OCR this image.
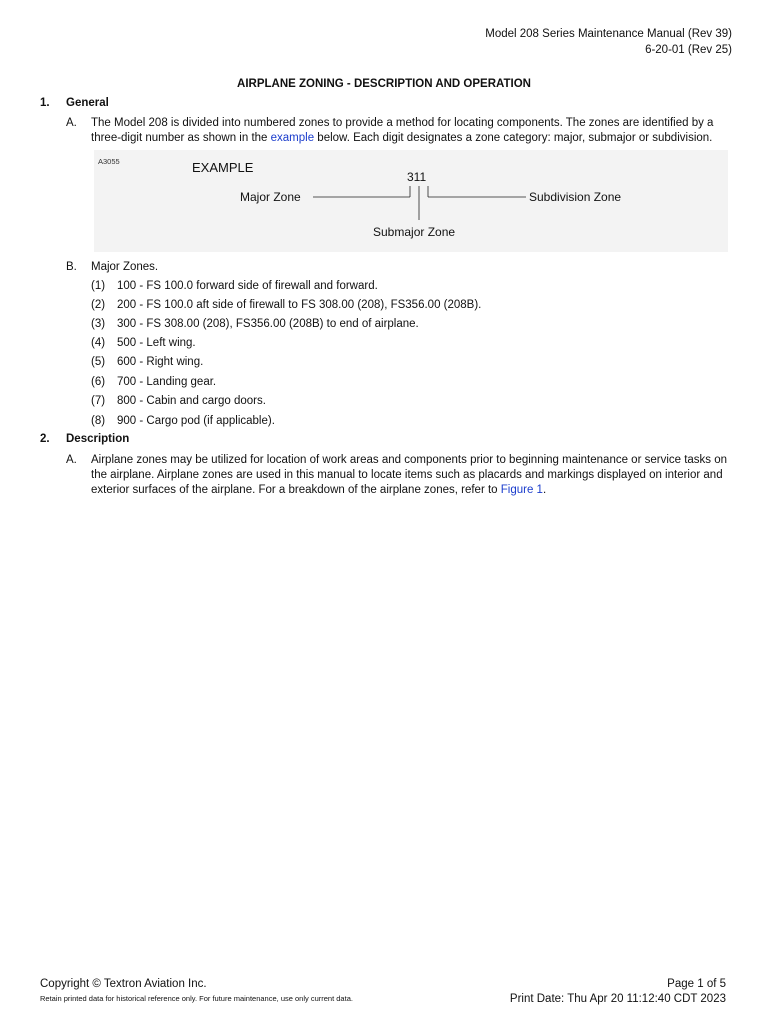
Model 208 Series Maintenance Manual (Rev 39)
6-20-01 (Rev 25)
AIRPLANE ZONING - DESCRIPTION AND OPERATION
1. General
A. The Model 208 is divided into numbered zones to provide a method for locating components. The zones are identified by a three-digit number as shown in the example below. Each digit designates a zone category: major, submajor or subdivision.
A3055	EXAMPLE
311
Major Zone
Submajor Zone
Subdivision Zone
B. Major Zones.
(1) 100 - FS 100.0 forward side of firewall and forward.
(2) 200 - FS 100.0 aft side of firewall to FS 308.00 (208), FS356.00 (208B).
(3) 300 - FS 308.00 (208), FS356.00 (208B) to end of airplane.
(4) 500 - Left wing.
(5) 600 - Right wing.
(6) 700 - Landing gear.
(7) 800 - Cabin and cargo doors.
(8) 900 - Cargo pod (if applicable).
2. Description
A. Airplane zones may be utilized for location of work areas and components prior to beginning maintenance or service tasks on the airplane. Airplane zones are used in this manual to locate items such as placards and markings displayed on interior and exterior surfaces of the airplane. For a breakdown of the airplane zones, refer to Figure 1.
Copyright © Textron Aviation Inc.
Retain printed data for historical reference only. For future maintenance, use only current data.
Page 1 of 5
Print Date: Thu Apr 20 11:12:40 CDT 2023
